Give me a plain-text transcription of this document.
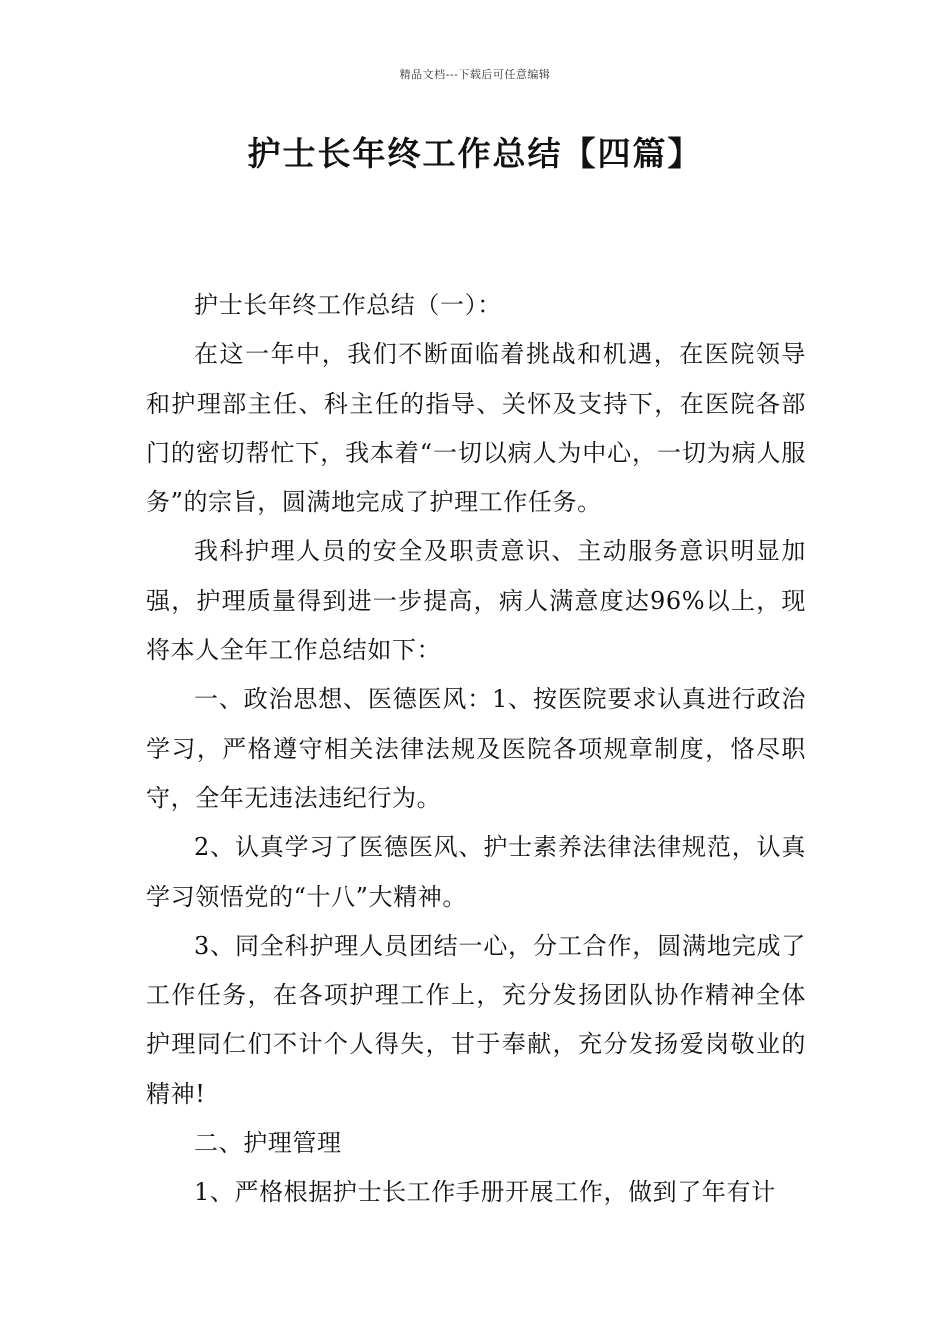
精品文档---下载后可任意编辑
护士长年终工作总结【四篇】

护士长年终工作总结（一）：

在这一年中，我们不断面临着挑战和机遇，在医院领导和护理部主任、科主任的指导、关怀及支持下，在医院各部门的密切帮忙下，我本着“一切以病人为中心，一切为病人服务”的宗旨，圆满地完成了护理工作任务。

我科护理人员的安全及职责意识、主动服务意识明显加强，护理质量得到进一步提高，病人满意度达96%以上，现将本人全年工作总结如下：

一、政治思想、医德医风：1、按医院要求认真进行政治学习，严格遵守相关法律法规及医院各项规章制度，恪尽职守，全年无违法违纪行为。

2、认真学习了医德医风、护士素养法律法律规范，认真学习领悟党的“十八”大精神。

3、同全科护理人员团结一心，分工合作，圆满地完成了工作任务，在各项护理工作上，充分发扬团队协作精神全体护理同仁们不计个人得失，甘于奉献，充分发扬爱岗敬业的精神!

二、护理管理

1、严格根据护士长工作手册开展工作，做到了年有计
